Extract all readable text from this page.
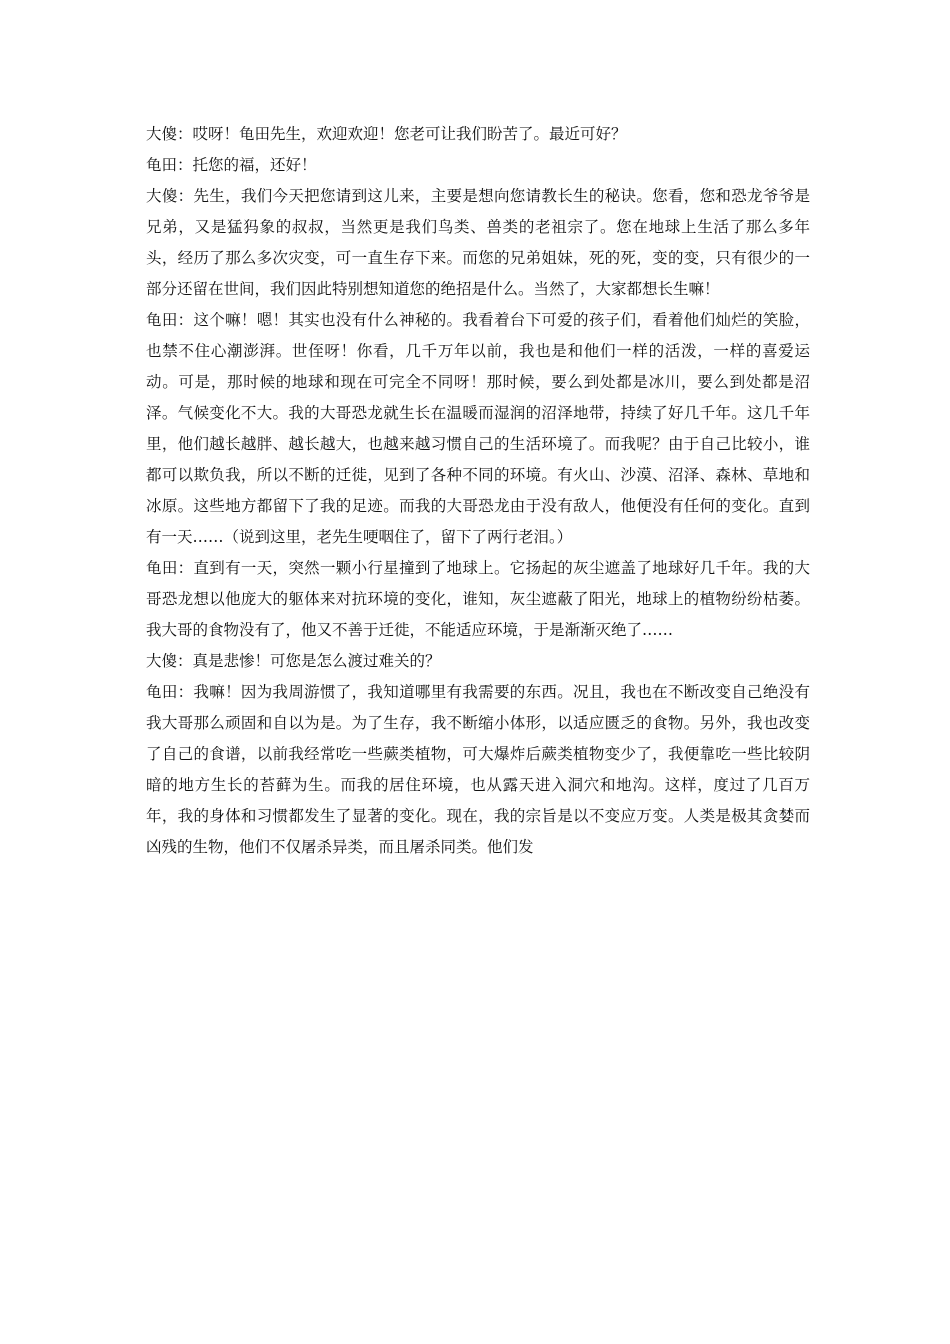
大傻：哎呀！龟田先生，欢迎欢迎！您老可让我们盼苦了。最近可好？

龟田：托您的福，还好！

大傻：先生，我们今天把您请到这儿来，主要是想向您请教长生的秘诀。您看，您和恐龙爷爷是兄弟，又是猛犸象的叔叔，当然更是我们鸟类、兽类的老祖宗了。您在地球上生活了那么多年头，经历了那么多次灾变，可一直生存下来。而您的兄弟姐妹，死的死，变的变，只有很少的一部分还留在世间，我们因此特别想知道您的绝招是什么。当然了，大家都想长生嘛！

龟田：这个嘛！嗯！其实也没有什么神秘的。我看着台下可爱的孩子们，看着他们灿烂的笑脸，也禁不住心潮澎湃。世侄呀！你看，几千万年以前，我也是和他们一样的活泼，一样的喜爱运动。可是，那时候的地球和现在可完全不同呀！那时候，要么到处都是冰川，要么到处都是沼泽。气候变化不大。我的大哥恐龙就生长在温暖而湿润的沼泽地带，持续了好几千年。这几千年里，他们越长越胖、越长越大，也越来越习惯自己的生活环境了。而我呢？由于自己比较小，谁都可以欺负我，所以不断的迁徙，见到了各种不同的环境。有火山、沙漠、沼泽、森林、草地和冰原。这些地方都留下了我的足迹。而我的大哥恐龙由于没有敌人，他便没有任何的变化。直到有一天……（说到这里，老先生哽咽住了，留下了两行老泪。）

龟田：直到有一天，突然一颗小行星撞到了地球上。它扬起的灰尘遮盖了地球好几千年。我的大哥恐龙想以他庞大的躯体来对抗环境的变化，谁知，灰尘遮蔽了阳光，地球上的植物纷纷枯萎。我大哥的食物没有了，他又不善于迁徙，不能适应环境，于是渐渐灭绝了……

大傻：真是悲惨！可您是怎么渡过难关的？

龟田：我嘛！因为我周游惯了，我知道哪里有我需要的东西。况且，我也在不断改变自己绝没有我大哥那么顽固和自以为是。为了生存，我不断缩小体形，以适应匮乏的食物。另外，我也改变了自己的食谱，以前我经常吃一些蕨类植物，可大爆炸后蕨类植物变少了，我便靠吃一些比较阴暗的地方生长的苔藓为生。而我的居住环境，也从露天进入洞穴和地沟。这样，度过了几百万年，我的身体和习惯都发生了显著的变化。现在，我的宗旨是以不变应万变。人类是极其贪婪而凶残的生物，他们不仅屠杀异类，而且屠杀同类。他们发
